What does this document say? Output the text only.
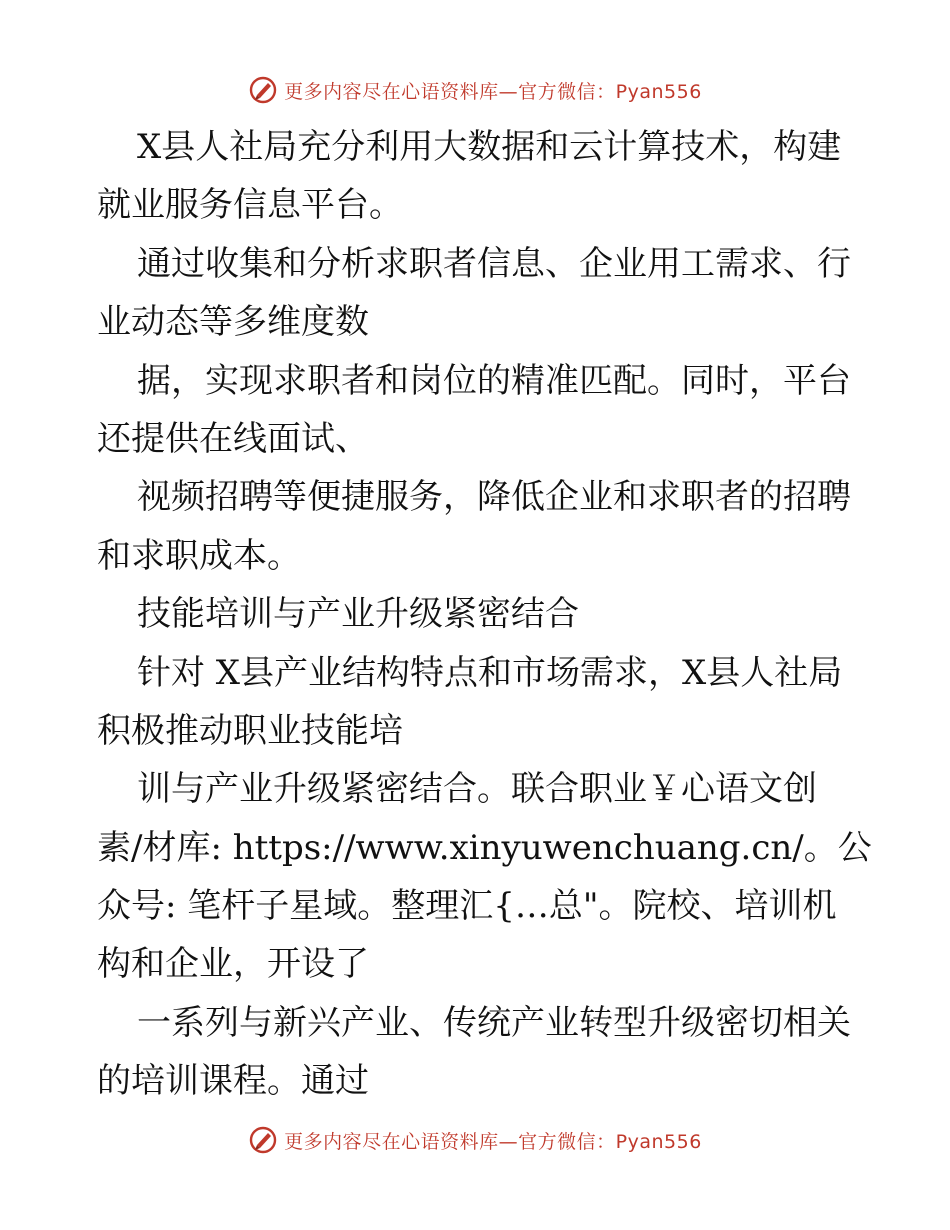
更多内容尽在心语资料库—官方微信：Pyan556
X县人社局充分利用大数据和云计算技术，构建
就业服务信息平台。
通过收集和分析求职者信息、企业用工需求、行
业动态等多维度数
据，实现求职者和岗位的精准匹配。同时，平台
还提供在线面试、
视频招聘等便捷服务，降低企业和求职者的招聘
和求职成本。
技能培训与产业升级紧密结合
针对 X县产业结构特点和市场需求，X县人社局
积极推动职业技能培
训与产业升级紧密结合。联合职业￥心语文创
素/材库: https://www.xinyuwenchuang.cn/。公
众号: 笔杆子星域。整理汇{…总"。院校、培训机
构和企业，开设了
一系列与新兴产业、传统产业转型升级密切相关
的培训课程。通过
更多内容尽在心语资料库—官方微信：Pyan556
